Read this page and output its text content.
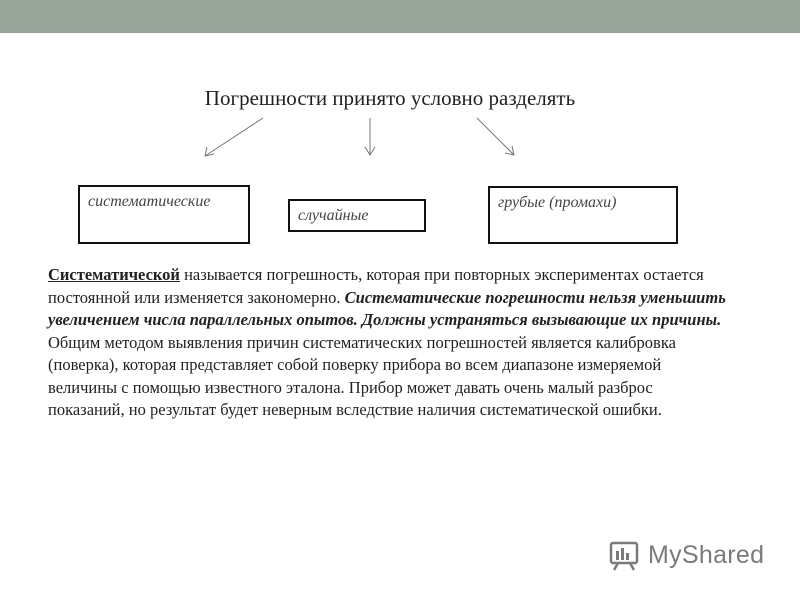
Погрешности принято условно разделять
систематические
случайные
грубые (промахи)
Систематической называется погрешность, которая при повторных экспериментах остается постоянной или изменяется закономерно. Систематические погрешности нельзя уменьшить увеличением числа параллельных опытов. Должны устраняться вызывающие их причины. Общим методом выявления причин систематических погрешностей является калибровка (поверка), которая представляет собой поверку прибора во всем диапазоне измеряемой величины с помощью известного эталона. Прибор может давать очень малый разброс показаний, но результат будет неверным вследствие наличия систематической ошибки.
MyShared
